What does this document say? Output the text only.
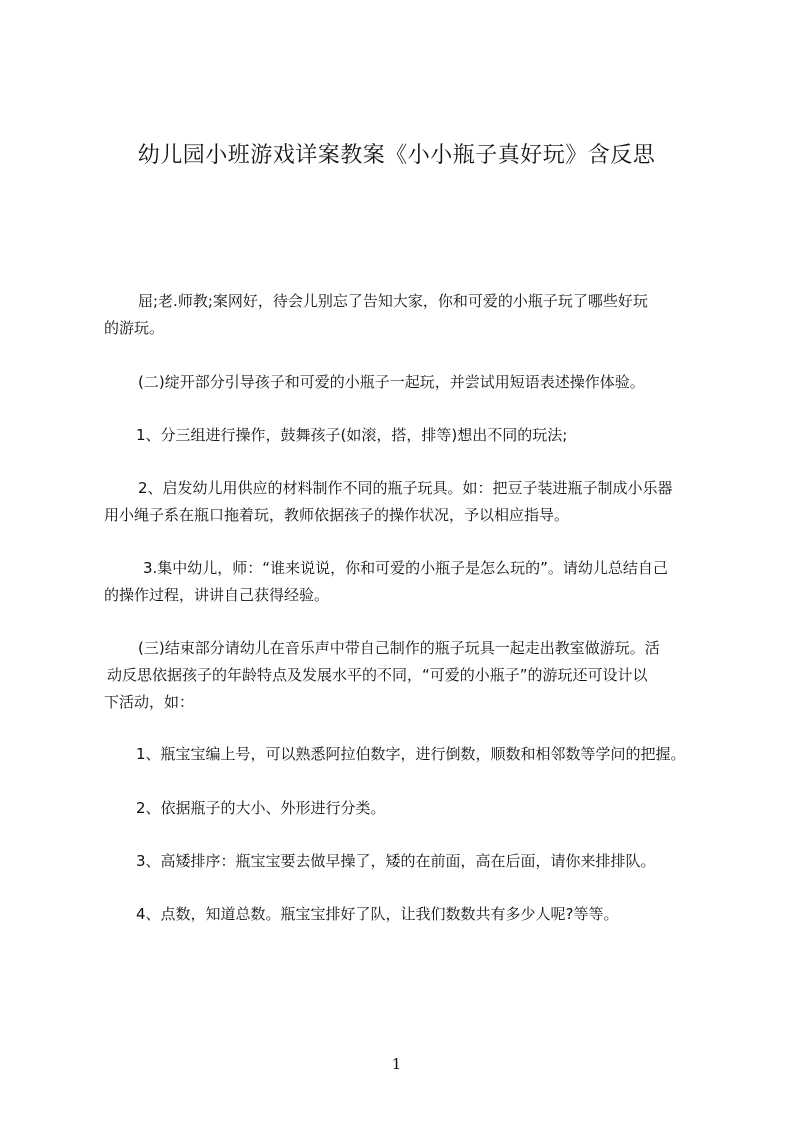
幼儿园小班游戏详案教案《小小瓶子真好玩》含反思
屈;老.师教;案网好，待会儿别忘了告知大家，你和可爱的小瓶子玩了哪些好玩
的游玩。
(二)绽开部分引导孩子和可爱的小瓶子一起玩，并尝试用短语表述操作体验。
1、分三组进行操作，鼓舞孩子(如滚，搭，排等)想出不同的玩法;
2、启发幼儿用供应的材料制作不同的瓶子玩具。如：把豆子装进瓶子制成小乐器
用小绳子系在瓶口拖着玩，教师依据孩子的操作状况，予以相应指导。
3.集中幼儿，师：“谁来说说，你和可爱的小瓶子是怎么玩的”。请幼儿总结自己
的操作过程，讲讲自己获得经验。
(三)结束部分请幼儿在音乐声中带自己制作的瓶子玩具一起走出教室做游玩。活
动反思依据孩子的年龄特点及发展水平的不同，“可爱的小瓶子”的游玩还可设计以
下活动，如：
1、瓶宝宝编上号，可以熟悉阿拉伯数字，进行倒数，顺数和相邻数等学问的把握。
2、依据瓶子的大小、外形进行分类。
3、高矮排序：瓶宝宝要去做早操了，矮的在前面，高在后面，请你来排排队。
4、点数，知道总数。瓶宝宝排好了队，让我们数数共有多少人呢?等等。
1
